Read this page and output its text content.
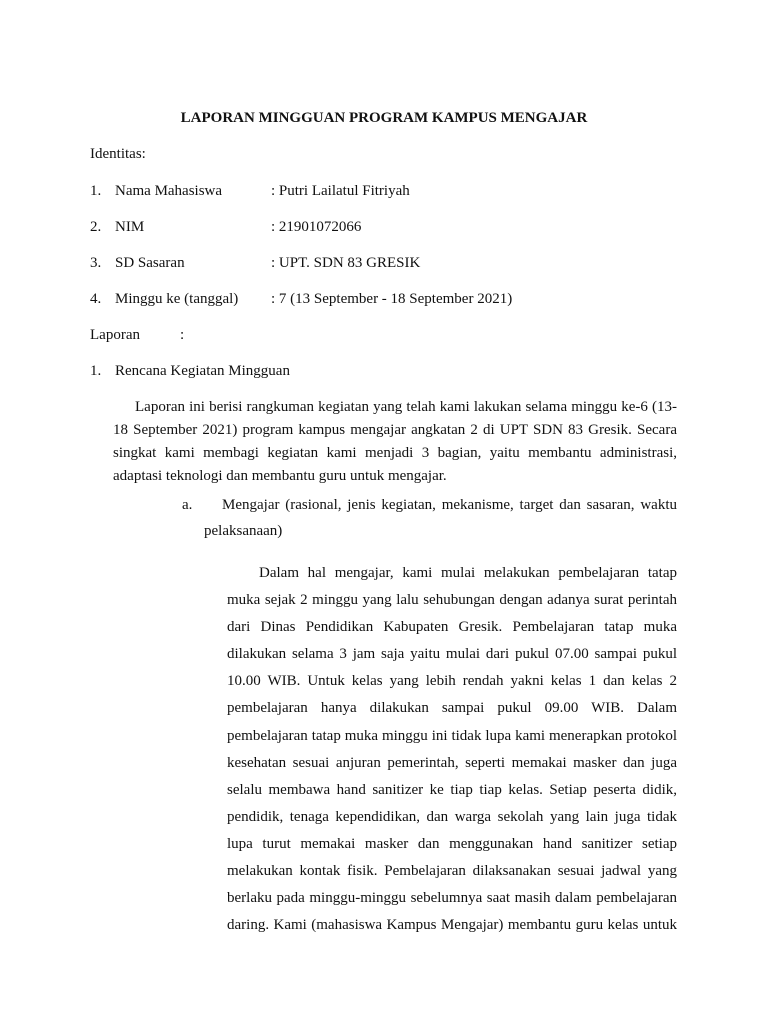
LAPORAN MINGGUAN PROGRAM KAMPUS MENGAJAR
Identitas:
1. Nama Mahasiswa	: Putri Lailatul Fitriyah
2. NIM	: 21901072066
3. SD Sasaran	: UPT. SDN 83 GRESIK
4. Minggu ke (tanggal) : 7 (13 September - 18 September 2021)
Laporan	:
1. Rencana Kegiatan Mingguan
Laporan ini berisi rangkuman kegiatan yang telah kami lakukan selama minggu ke-6 (13-
18 September 2021) program kampus mengajar angkatan 2 di UPT SDN 83 Gresik. Secara
singkat kami membagi kegiatan kami menjadi 3 bagian, yaitu membantu administrasi,
adaptasi teknologi dan membantu guru untuk mengajar.
a. Mengajar (rasional, jenis kegiatan, mekanisme, target dan sasaran, waktu
pelaksanaan)
Dalam hal mengajar, kami mulai melakukan pembelajaran tatap
muka sejak 2 minggu yang lalu sehubungan dengan adanya surat perintah
dari Dinas Pendidikan Kabupaten Gresik. Pembelajaran tatap muka
dilakukan selama 3 jam saja yaitu mulai dari pukul 07.00 sampai pukul
10.00 WIB. Untuk kelas yang lebih rendah yakni kelas 1 dan kelas 2
pembelajaran hanya dilakukan sampai pukul 09.00 WIB. Dalam
pembelajaran tatap muka minggu ini tidak lupa kami menerapkan protokol
kesehatan sesuai anjuran pemerintah, seperti memakai masker dan juga
selalu membawa hand sanitizer ke tiap tiap kelas. Setiap peserta didik,
pendidik, tenaga kependidikan, dan warga sekolah yang lain juga tidak
lupa turut memakai masker dan menggunakan hand sanitizer setiap
melakukan kontak fisik. Pembelajaran dilaksanakan sesuai jadwal yang
berlaku pada minggu-minggu sebelumnya saat masih dalam pembelajaran
daring. Kami (mahasiswa Kampus Mengajar) membantu guru kelas untuk
